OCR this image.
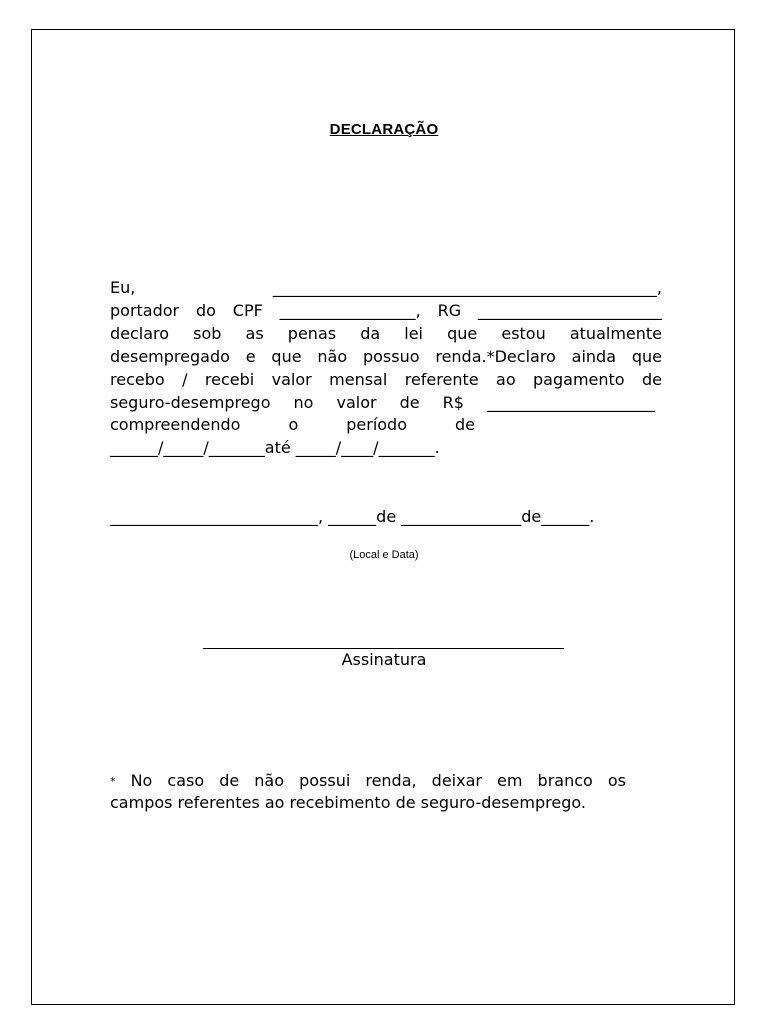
DECLARAÇÃO
Eu, ________________________________________________,
portador do CPF _________________, RG _______________________
declaro sob as penas da lei que estou atualmente
desempregado e que não possuo renda.*Declaro ainda que
recebo / recebi valor mensal referente ao pagamento de
seguro-desemprego no valor de R$ _____________________
compreendendo o período de
______/_____/_______até _____/____/_______.
__________________________, ______de _______________de______.
(Local e Data)
Assinatura
* No caso de não possui renda, deixar em branco os
campos referentes ao recebimento de seguro-desemprego.
